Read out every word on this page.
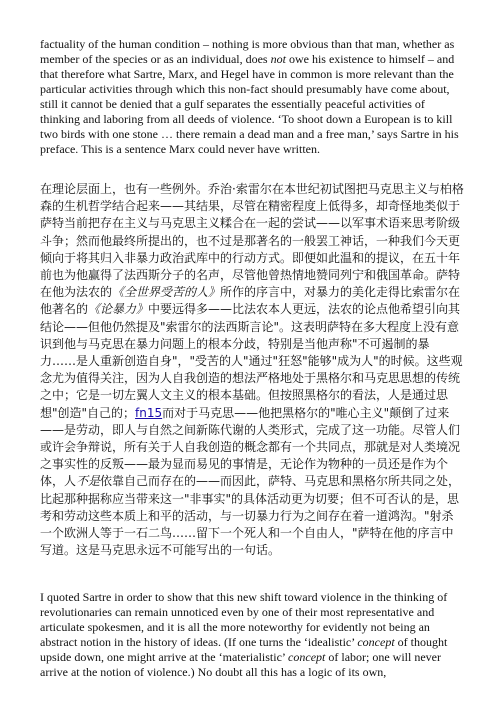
factuality of the human condition – nothing is more obvious than that man, whether as member of the species or as an individual, does not owe his existence to himself – and that therefore what Sartre, Marx, and Hegel have in common is more relevant than the particular activities through which this non-fact should presumably have come about, still it cannot be denied that a gulf separates the essentially peaceful activities of thinking and laboring from all deeds of violence. ‘To shoot down a European is to kill two birds with one stone … there remain a dead man and a free man,’ says Sartre in his preface. This is a sentence Marx could never have written.

在理论层面上，也有一些例外。乔治·索雷尔在本世纪初试图把马克思主义与柏格森的生机哲学结合起来——其结果，尽管在精密程度上低得多，却奇怪地类似于萨特当前把存在主义与马克思主义糅合在一起的尝试——以军事术语来思考阶级斗争；然而他最终所提出的，也不过是那著名的一般罢工神话，一种我们今天更倾向于将其归入非暴力政治武库中的行动方式。即便如此温和的提议，在五十年前也为他赢得了法西斯分子的名声，尽管他曾热情地赞同列宁和俄国革命。萨特在他为法农的《全世界受苦的人》所作的序言中，对暴力的美化走得比索雷尔在他著名的《论暴力》中要远得多——比法农本人更远，法农的论点他希望引向其结论——但他仍然提及"索雷尔的法西斯言论"。这表明萨特在多大程度上没有意识到他与马克思在暴力问题上的根本分歧，特别是当他声称"不可遏制的暴力……是人重新创造自身"，"受苦的人"通过"狂怒"能够"成为人"的时候。这些观念尤为值得关注，因为人自我创造的想法严格地处于黑格尔和马克思思想的传统之中；它是一切左翼人文主义的根本基础。但按照黑格尔的看法，人是通过思想"创造"自己的；fn15而对于马克思——他把黑格尔的"唯心主义"颠倒了过来——是劳动，即人与自然之间新陈代谢的人类形式，完成了这一功能。尽管人们或许会争辩说，所有关于人自我创造的概念都有一个共同点，那就是对人类境况之事实性的反叛——最为显而易见的事情是，无论作为物种的一员还是作为个体，人不是依靠自己而存在的——而因此，萨特、马克思和黑格尔所共同之处，比起那种据称应当带来这一"非事实"的具体活动更为切要；但不可否认的是，思考和劳动这些本质上和平的活动，与一切暴力行为之间存在着一道鸿沟。"射杀一个欧洲人等于一石二鸟……留下一个死人和一个自由人，"萨特在他的序言中写道。这是马克思永远不可能写出的一句话。

I quoted Sartre in order to show that this new shift toward violence in the thinking of revolutionaries can remain unnoticed even by one of their most representative and articulate spokesmen, and it is all the more noteworthy for evidently not being an abstract notion in the history of ideas. (If one turns the ‘idealistic’ concept of thought upside down, one might arrive at the ‘materialistic’ concept of labor; one will never arrive at the notion of violence.) No doubt all this has a logic of its own,
